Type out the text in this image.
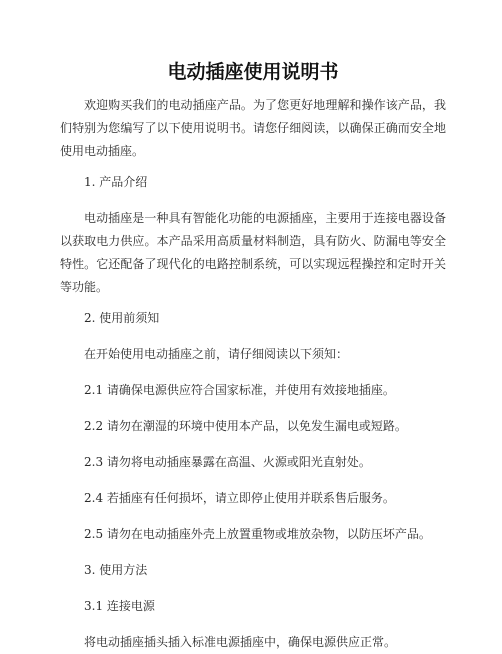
电动插座使用说明书

欢迎购买我们的电动插座产品。为了您更好地理解和操作该产品，我们特别为您编写了以下使用说明书。请您仔细阅读，以确保正确而安全地使用电动插座。

1. 产品介绍

电动插座是一种具有智能化功能的电源插座，主要用于连接电器设备以获取电力供应。本产品采用高质量材料制造，具有防火、防漏电等安全特性。它还配备了现代化的电路控制系统，可以实现远程操控和定时开关等功能。

2. 使用前须知
在开始使用电动插座之前，请仔细阅读以下须知：
2.1 请确保电源供应符合国家标准，并使用有效接地插座。
2.2 请勿在潮湿的环境中使用本产品，以免发生漏电或短路。
2.3 请勿将电动插座暴露在高温、火源或阳光直射处。
2.4 若插座有任何损坏，请立即停止使用并联系售后服务。
2.5 请勿在电动插座外壳上放置重物或堆放杂物，以防压坏产品。
3. 使用方法
3.1 连接电源
将电动插座插头插入标准电源插座中，确保电源供应正常。
